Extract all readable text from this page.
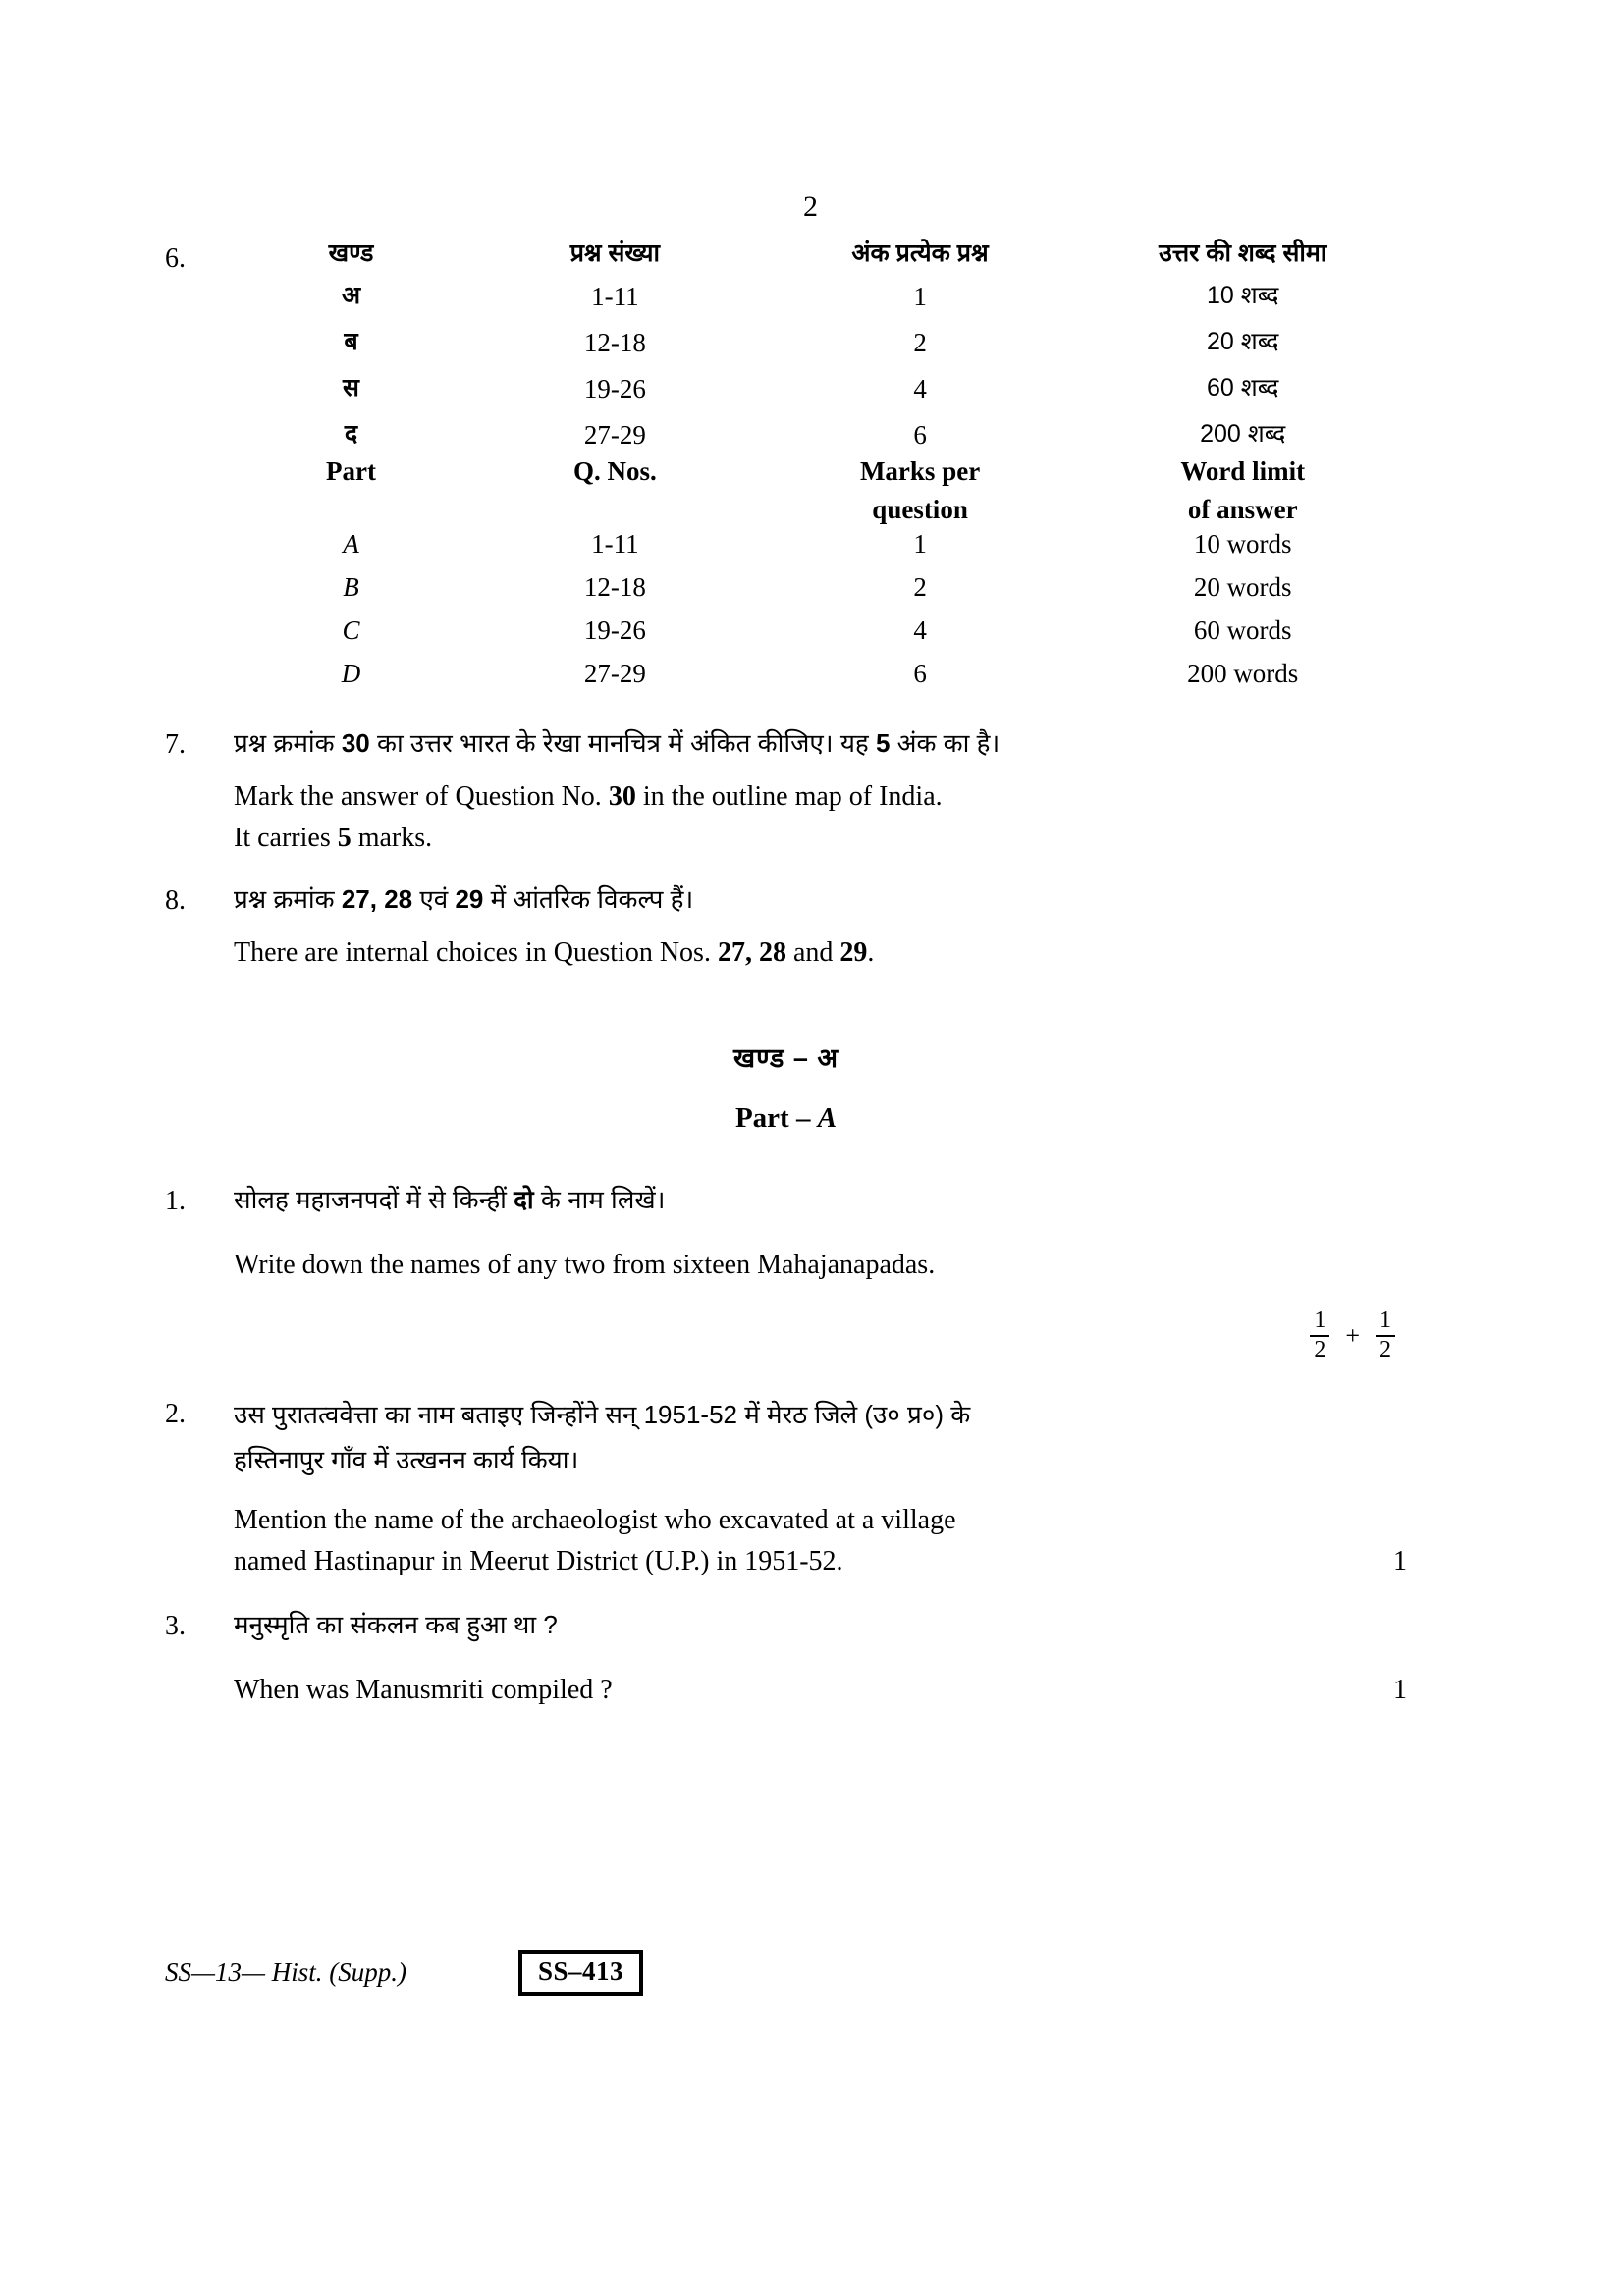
2
6.	खण्ड	प्रश्न संख्या	अंक प्रत्येक प्रश्न	उत्तर की शब्द सीमा
अ	1-11	1	10 शब्द
ब	12-18	2	20 शब्द
स	19-26	4	60 शब्द
द	27-29	6	200 शब्द
Part	Q. Nos.	Marks per	Word limit
		question	of answer
A	1-11	1	10 words
B	12-18	2	20 words
C	19-26	4	60 words
D	27-29	6	200 words
7.	प्रश्न क्रमांक 30 का उत्तर भारत के रेखा मानचित्र में अंकित कीजिए। यह 5 अंक का है।

Mark the answer of Question No. 30 in the outline map of India.

It carries 5 marks.

8.	प्रश्न क्रमांक 27, 28 एवं 29 में आंतरिक विकल्प हैं।

There are internal choices in Question Nos. 27, 28 and 29.

खण्ड – अ
Part – A
1.	सोलह महाजनपदों में से किन्हीं दो के नाम लिखें।

Write down the names of any two from sixteen Mahajanapadas.

$\frac{1}{2} + \frac{1}{2}$
2.	उस पुरातत्ववेत्ता का नाम बताइए जिन्होंने सन् 1951-52 में मेरठ जिले (उ० प्र०) के

हस्तिनापुर गाँव में उत्खनन कार्य किया।

Mention the name of the archaeologist who excavated at a village

named Hastinapur in Meerut District (U.P.) in 1951-52.	1
3.	मनुस्मृति का संकलन कब हुआ था ?

When was Manusmriti compiled ?	1
SS—13— Hist. (Supp.)	SS–413
